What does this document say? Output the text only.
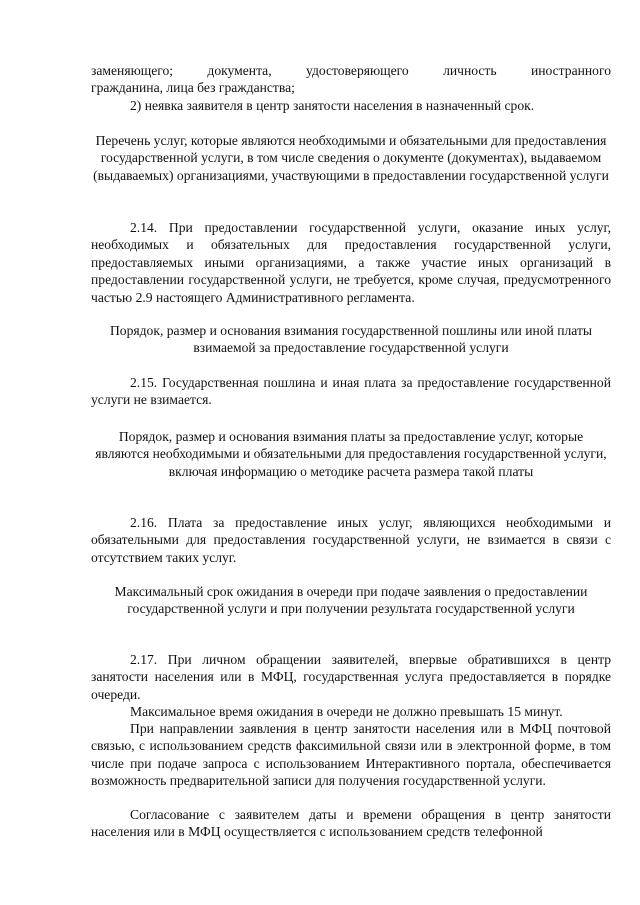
заменяющего; документа, удостоверяющего личность иностранного

гражданина, лица без гражданства;

2) неявка заявителя в центр занятости населения в назначенный срок.

Перечень услуг, которые являются необходимыми и обязательными для предоставления государственной услуги, в том числе сведения о документе (документах), выдаваемом (выдаваемых) организациями, участвующими в предоставлении государственной услуги

2.14. При предоставлении государственной услуги, оказание иных услуг, необходимых и обязательных для предоставления государственной услуги, предоставляемых иными организациями, а также участие иных организаций в предоставлении государственной услуги, не требуется, кроме случая, предусмотренного частью 2.9 настоящего Административного регламента.

Порядок, размер и основания взимания государственной пошлины или иной платы взимаемой за предоставление государственной услуги

2.15. Государственная пошлина и иная плата за предоставление государственной услуги не взимается.

Порядок, размер и основания взимания платы за предоставление услуг, которые являются необходимыми и обязательными для предоставления государственной услуги, включая информацию о методике расчета размера такой платы

2.16. Плата за предоставление иных услуг, являющихся необходимыми и обязательными для предоставления государственной услуги, не взимается в связи с отсутствием таких услуг.

Максимальный срок ожидания в очереди при подаче заявления о предоставлении государственной услуги и при получении результата государственной услуги

2.17. При личном обращении заявителей, впервые обратившихся в центр занятости населения или в МФЦ, государственная услуга предоставляется в порядке очереди.

Максимальное время ожидания в очереди не должно превышать 15 минут.

При направлении заявления в центр занятости населения или в МФЦ почтовой связью, с использованием средств факсимильной связи или в электронной форме, в том числе при подаче запроса с использованием Интерактивного портала, обеспечивается возможность предварительной записи для получения государственной услуги.

Согласование с заявителем даты и времени обращения в центр занятости населения или в МФЦ осуществляется с использованием средств телефонной
